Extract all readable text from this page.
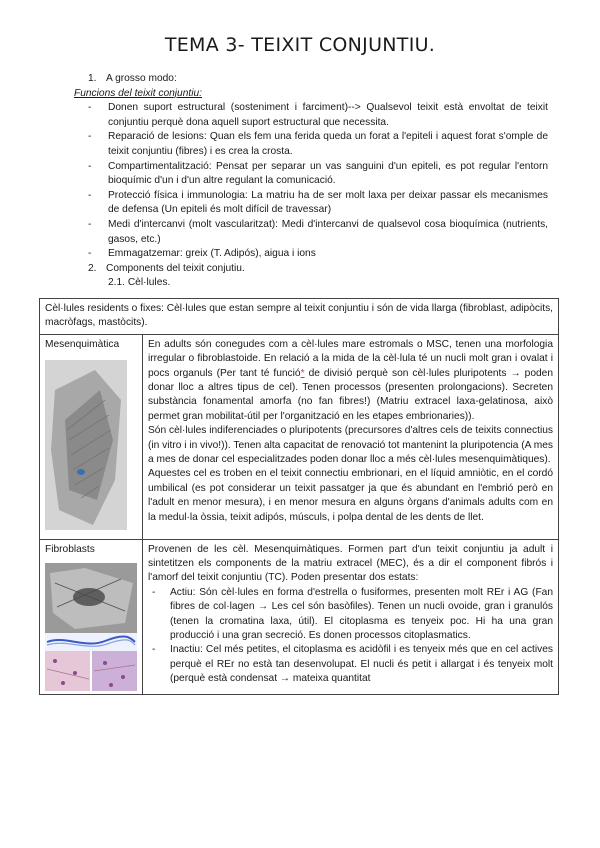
TEMA 3- TEIXIT CONJUNTIU.
1. A grosso modo:
Funcions del teixit conjuntiu:
-	Donen suport estructural (sosteniment i farciment)--> Qualsevol teixit està envoltat de teixit conjuntiu perquè dona aquell suport estructural que necessita.
-	Reparació de lesions: Quan els fem una ferida queda un forat a l'epiteli i aquest forat s'omple de teixit conjuntiu (fibres) i es crea la crosta.
-	Compartimentalització: Pensat per separar un vas sanguini d'un epiteli, es pot regular l'entorn bioquímic d'un i d'un altre regulant la comunicació.
-	Protecció física i immunologia: La matriu ha de ser molt laxa per deixar passar els mecanismes de defensa (Un epiteli és molt difícil de travessar)
-	Medi d'intercanvi (molt vascularitzat): Medi d'intercanvi de qualsevol cosa bioquímica (nutrients, gasos, etc.)
-	Emmagatzemar: greix (T. Adipós), aigua i ions
2. Components del teixit conjutiu.
2.1. Cèl·lules.
Cèl·lules residents o fixes: Cèl·lules que estan sempre al teixit conjuntiu i són de vida llarga (fibroblast, adipòcits, macròfags, mastòcits).	

Mesenquimàtica	En adults són conegudes com a cèl·lules mare estromals o MSC, tenen una morfologia irregular o fibroblastoide. En relació a la mida de la cèl·lula té un nucli molt gran i ovalat i pocs organuls (Per tant té funció* de divisió perquè son cèl·lules pluripotents → poden donar lloc a altres tipus de cel). Tenen processos (presenten prolongacions). Secreten substància fonamental amorfa (no fan fibres!) (Matriu extracel laxa-gelatinosa, això permet gran mobilitat-útil per l'organització en les etapes embrionaries)).
Són cèl·lules indiferenciades o pluripotents (precursores d'altres cels de teixits connectius (in vitro i in vivo!)). Tenen alta capacitat de renovació tot mantenint la pluripotencia (A mes a mes de donar cel especialitzades poden donar lloc a més cèl·lules mesenquimàtiques).
Aquestes cel es troben en el teixit connectiu embrionari, en el líquid amniòtic, en el cordó umbilical (es pot considerar un teixit passatger ja que és abundant en l'embrió però en l'adult en menor mesura), i en menor mesura en alguns òrgans d'animals adults com en la medul·la òssia, teixit adipós, músculs, i polpa dental de les dents de llet.

Fibroblasts	Provenen de les cèl. Mesenquimàtiques. Formen part d'un teixit conjuntiu ja adult i sintetitzen els components de la matriu extracel (MEC), és a dir el component fibrós i l'amorf del teixit conjuntiu (TC). Poden presentar dos estats:
- Actiu: Són cèl·lules en forma d'estrella o fusiformes, presenten molt REr i AG (Fan fibres de col·lagen → Les cel són basòfiles). Tenen un nucli ovoide, gran i granulós (tenen la cromatina laxa, útil). El citoplasma es tenyeix poc. Hi ha una gran producció i una gran secreció. Es donen processos citoplasmatics.
- Inactiu: Cel més petites, el citoplasma es acidòfil i es tenyeix més que en cel actives perquè el REr no està tan desenvolupat. El nucli és petit i allargat i és tenyeix molt (perquè està condensat → mateixa quantitat
